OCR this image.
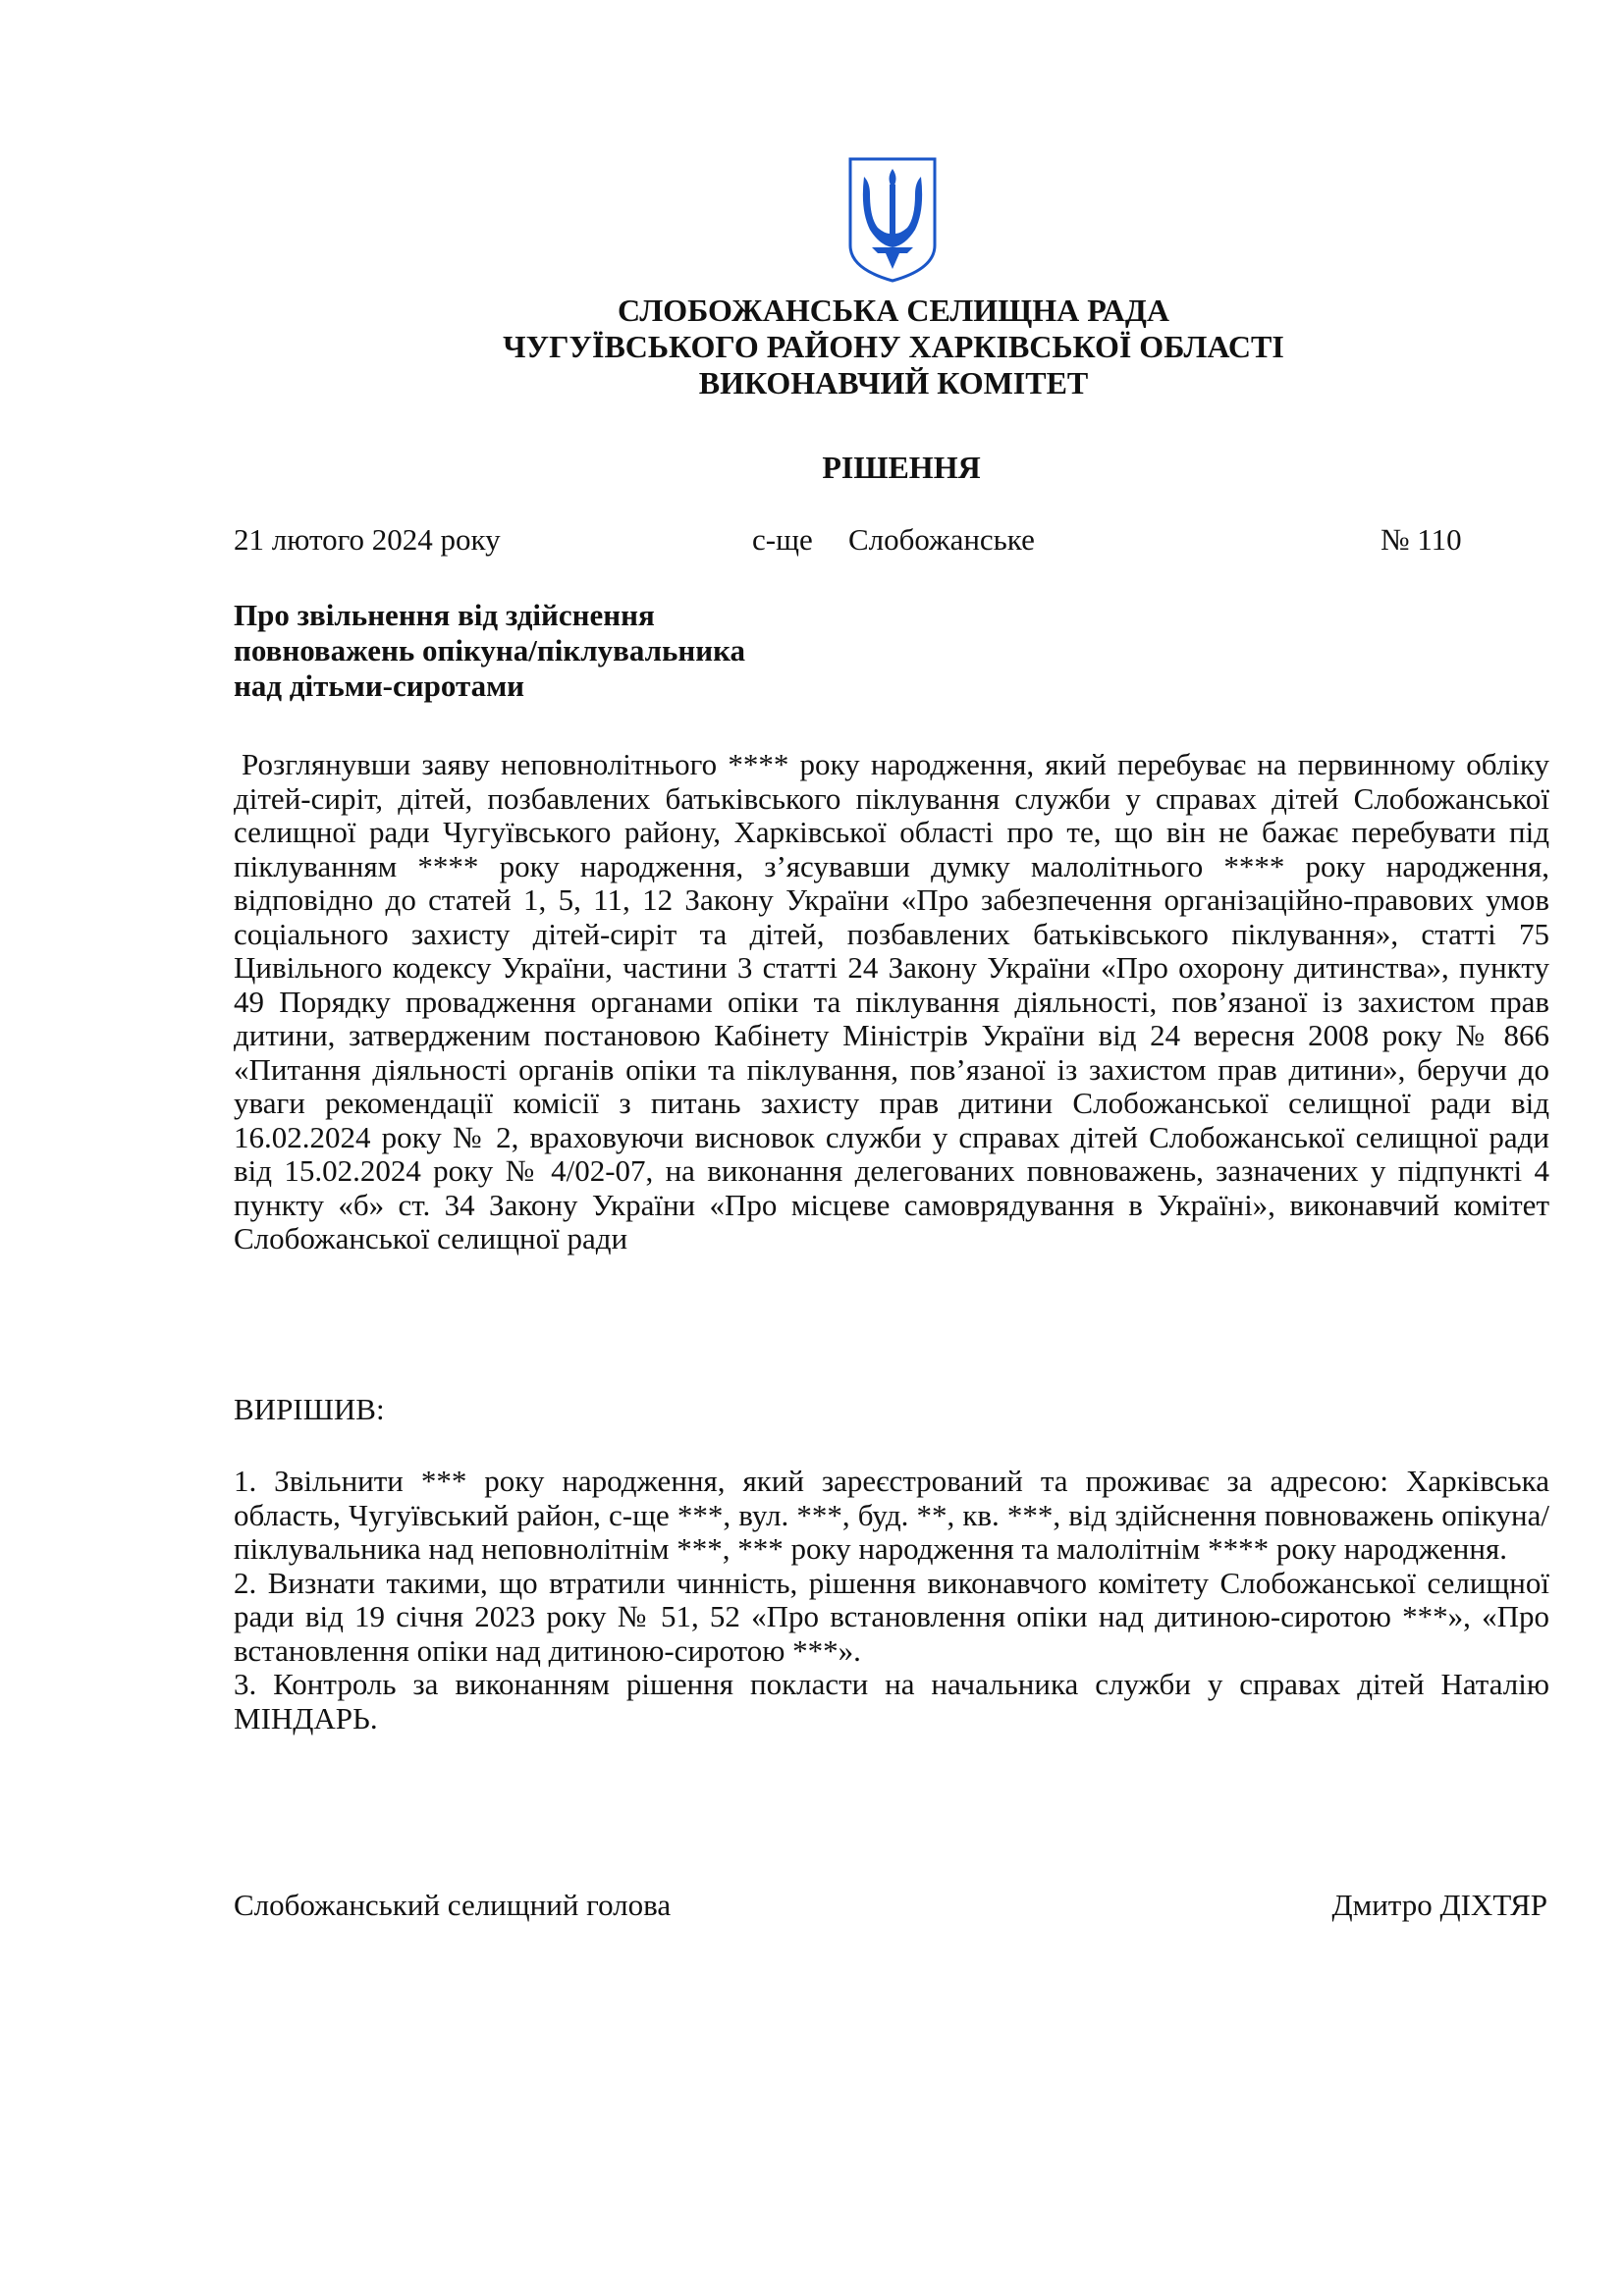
СЛОБОЖАНСЬКА СЕЛИЩНА РАДА
ЧУГУЇВСЬКОГО РАЙОНУ ХАРКІВСЬКОЇ ОБЛАСТІ
ВИКОНАВЧИЙ КОМІТЕТ
РІШЕННЯ
21 лютого 2024 року	с-ще Слобожанське	№ 110
Про звільнення від здійснення
повноважень опікуна/піклувальника
над дітьми-сиротами
Розглянувши заяву неповнолітнього **** року народження, який перебуває на первинному обліку дітей-сиріт, дітей, позбавлених батьківського піклування служби у справах дітей Слобожанської селищної ради Чугуївського району, Харківської області про те, що він не бажає перебувати під піклуванням **** року народження, з’ясувавши думку малолітнього **** року народження, відповідно до статей 1, 5, 11, 12 Закону України «Про забезпечення організаційно-правових умов соціального захисту дітей-сиріт та дітей, позбавлених батьківського піклування», статті 75 Цивільного кодексу України, частини 3 статті 24 Закону України «Про охорону дитинства», пункту 49 Порядку провадження органами опіки та піклування діяльності, пов’язаної із захистом прав дитини, затвердженим постановою Кабінету Міністрів України від 24 вересня 2008 року № 866 «Питання діяльності органів опіки та піклування, пов’язаної із захистом прав дитини», беручи до уваги рекомендації комісії з питань захисту прав дитини Слобожанської селищної ради від 16.02.2024 року № 2, враховуючи висновок служби у справах дітей Слобожанської селищної ради від 15.02.2024 року № 4/02-07, на виконання делегованих повноважень, зазначених у підпункті 4 пункту «б» ст. 34 Закону України «Про місцеве самоврядування в Україні», виконавчий комітет Слобожанської селищної ради
ВИРІШИВ:

1. Звільнити *** року народження, який зареєстрований та проживає за адресою: Харківська область, Чугуївський район, с-ще ***, вул. ***, буд. **, кв. ***, від здійснення повноважень опікуна/ піклувальника над неповнолітнім ***, *** року народження та малолітнім **** року народження.

2. Визнати такими, що втратили чинність, рішення виконавчого комітету Слобожанської селищної ради від 19 січня 2023 року № 51, 52 «Про встановлення опіки над дитиною-сиротою ***», «Про встановлення опіки над дитиною-сиротою ***».

3. Контроль за виконанням рішення покласти на начальника служби у справах дітей Наталію МІНДАРЬ.

Слобожанський селищний голова	Дмитро ДІХТЯР
